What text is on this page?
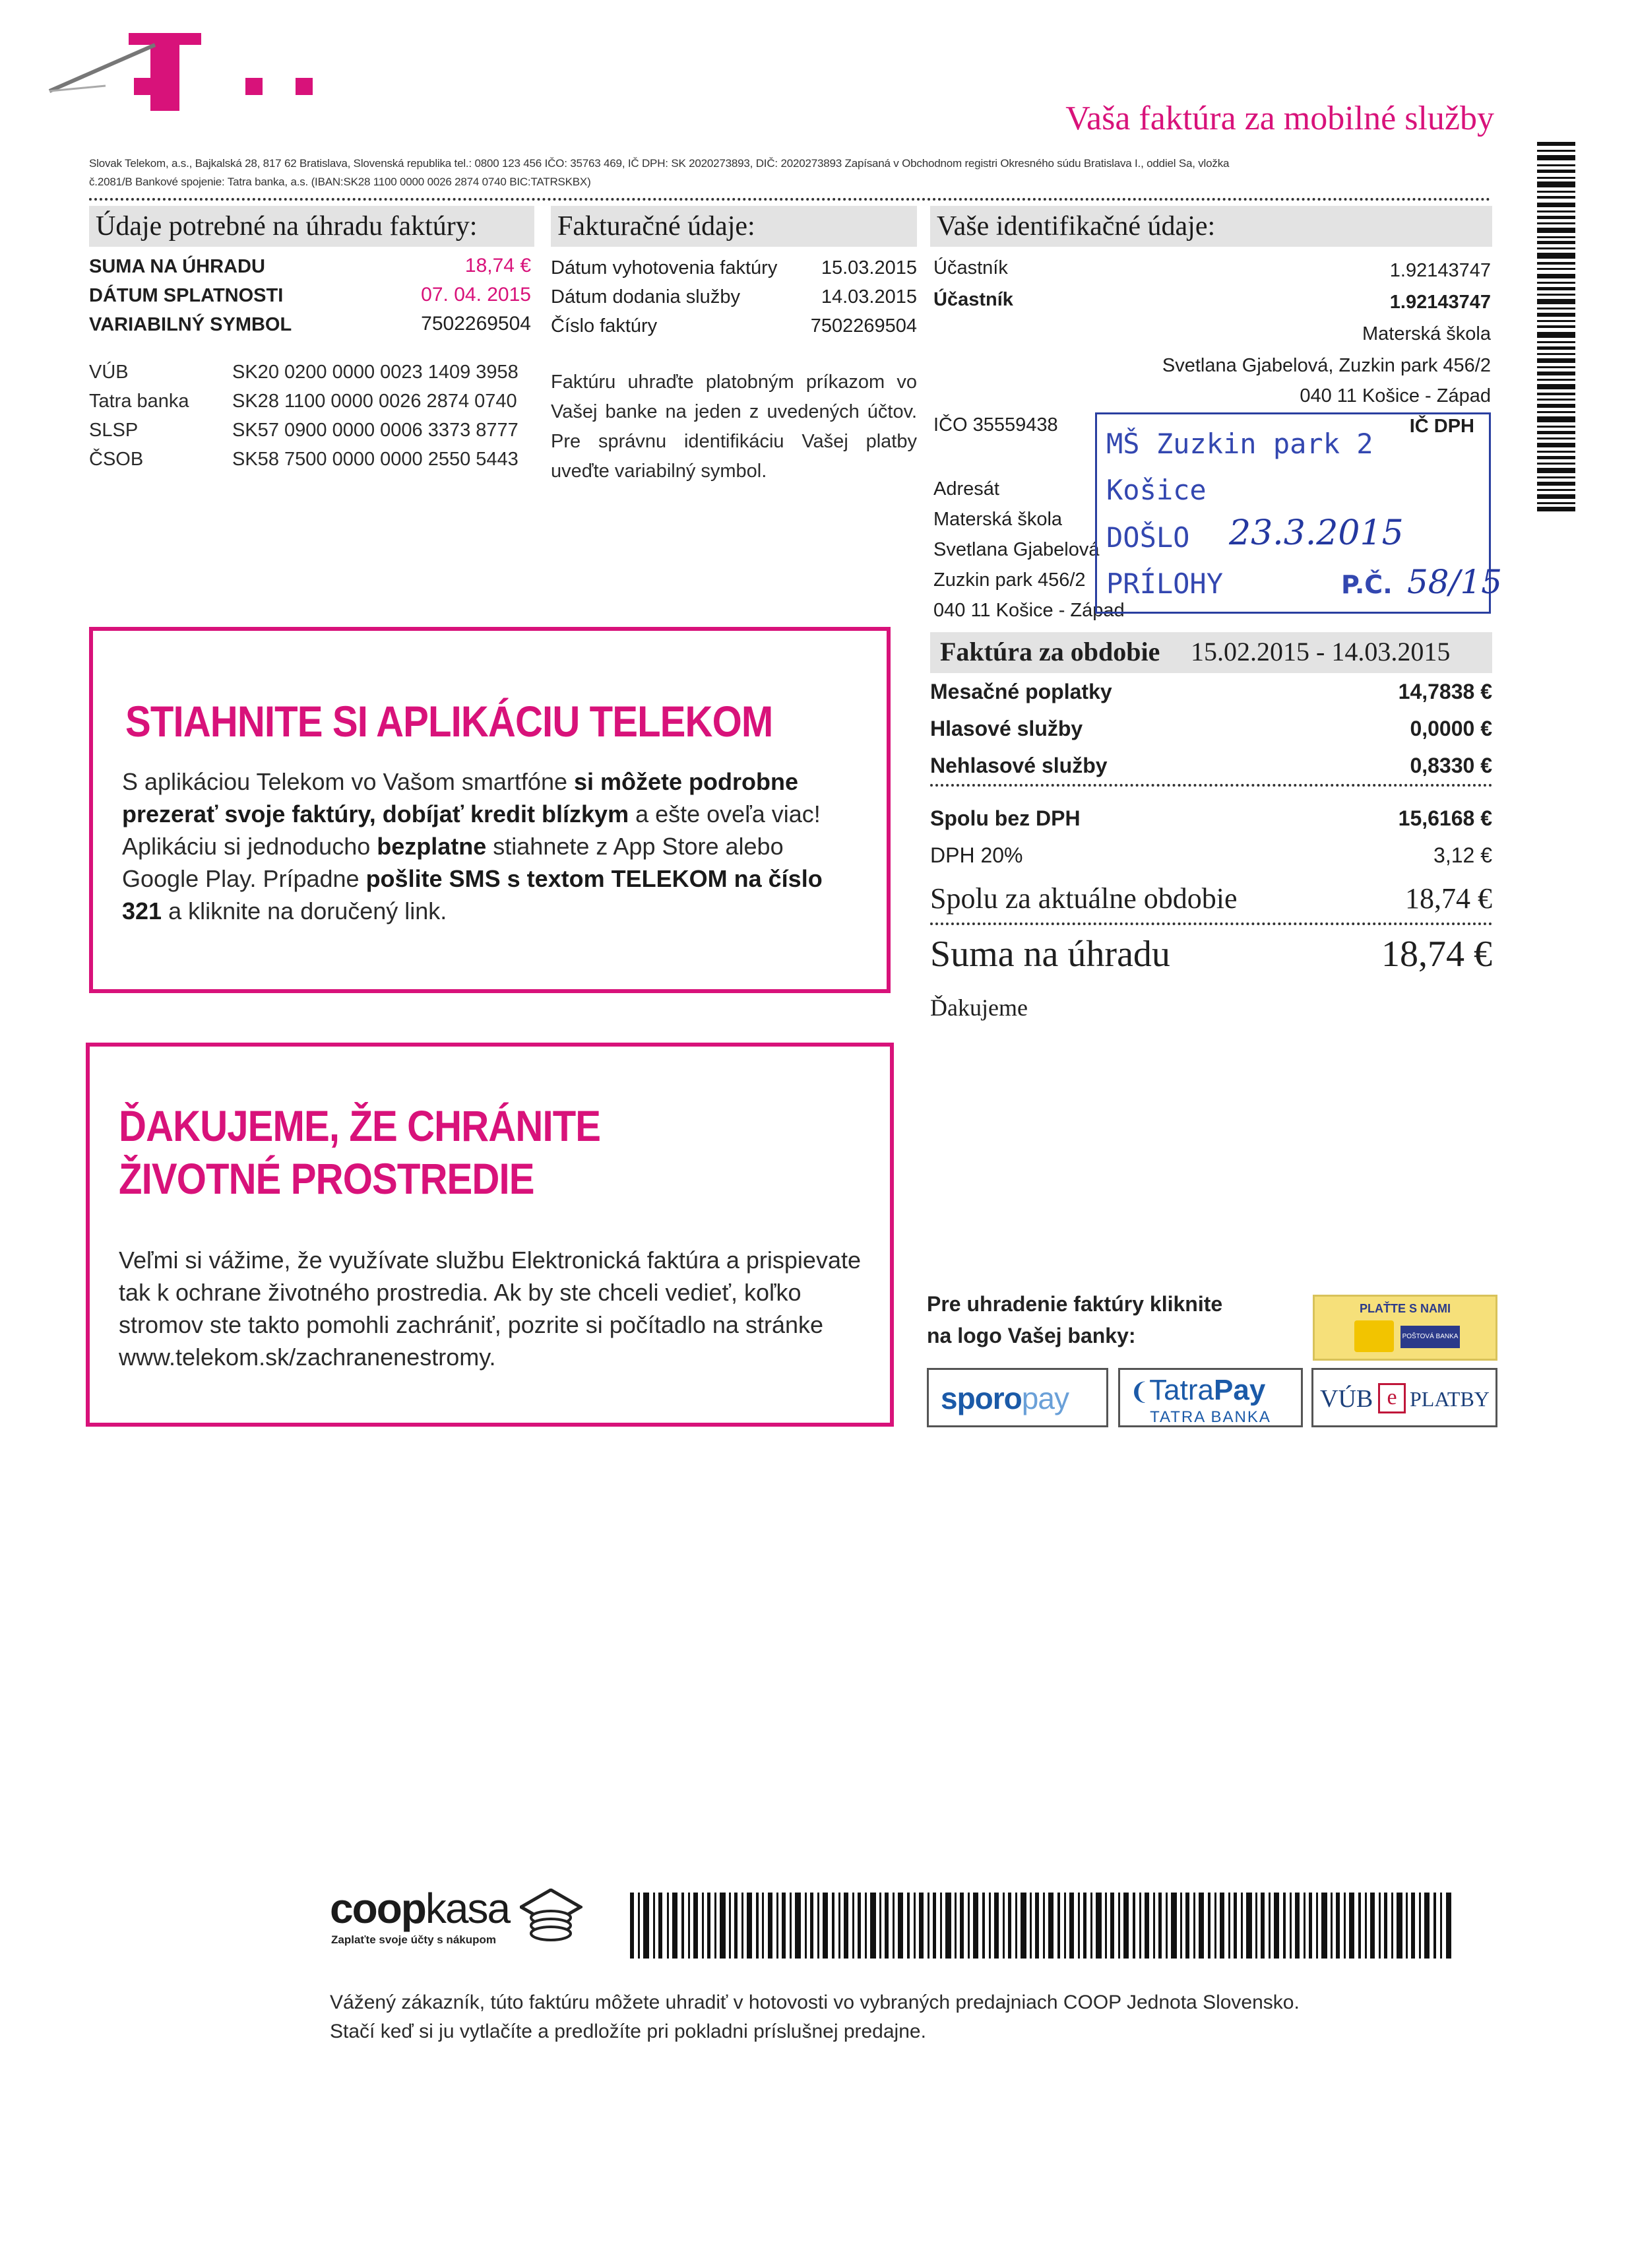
Vaša faktúra za mobilné služby
Slovak Telekom, a.s., Bajkalská 28, 817 62 Bratislava, Slovenská republika tel.: 0800 123 456 IČO: 35763 469, IČ DPH: SK 2020273893, DIČ: 2020273893 Zapísaná v Obchodnom registri Okresného súdu Bratislava I., oddiel Sa, vložka
č.2081/B Bankové spojenie: Tatra banka, a.s. (IBAN:SK28 1100 0000 0026 2874 0740 BIC:TATRSKBX)
Údaje potrebné na úhradu faktúry:	Fakturačné údaje:	Vaše identifikačné údaje:
SUMA NA ÚHRADU	18,74 €
DÁTUM SPLATNOSTI	07. 04. 2015
VARIABILNÝ SYMBOL	7502269504
VÚB	SK20 0200 0000 0023 1409 3958
Tatra banka SK28 1100 0000 0026 2874 0740
SLSP	SK57 0900 0000 0006 3373 8777
ČSOB	SK58 7500 0000 0000 2550 5443
Dátum vyhotovenia faktúry	15.03.2015
Dátum dodania služby	14.03.2015
Číslo faktúry	7502269504
Faktúru uhraďte platobným príkazom vo Vašej banke na jeden z uvedených účtov. Pre správnu identifikáciu Vašej platby uveďte variabilný symbol.
Účastník	1.92143747
Účastník	1.92143747
Materská škola
Svetlana Gjabelová, Zuzkin park 456/2
040 11 Košice - Západ
IČO 35559438	IČ DPH
Adresát
Materská škola
Svetlana Gjabelová
Zuzkin park 456/2
040 11 Košice - Západ
MŠ Zuzkin park 2
Košice
DOŠLO 23.3.2015
PRÍLOHY	P.Č. 58/15
Faktúra za obdobie 15.02.2015 - 14.03.2015
Mesačné poplatky	14,7838 €
Hlasové služby	0,0000 €
Nehlasové služby	0,8330 €
Spolu bez DPH	15,6168 €
DPH 20%	3,12 €
Spolu za aktuálne obdobie	18,74 €
Suma na úhradu	18,74 €
Ďakujeme
STIAHNITE SI APLIKÁCIU TELEKOM
S aplikáciou Telekom vo Vašom smartfóne si môžete podrobne prezerať svoje faktúry, dobíjať kredit blízkym a ešte oveľa viac! Aplikáciu si jednoducho bezplatne stiahnete z App Store alebo Google Play. Prípadne pošlite SMS s textom TELEKOM na číslo 321 a kliknite na doručený link.
ĎAKUJEME, ŽE CHRÁNITE
ŽIVOTNÉ PROSTREDIE
Veľmi si vážime, že využívate službu Elektronická faktúra a prispievate tak k ochrane životného prostredia. Ak by ste chceli vedieť, koľko stromov ste takto pomohli zachrániť, pozrite si počítadlo na stránke www.telekom.sk/zachranenestromy.
Pre uhradenie faktúry kliknite
na logo Vašej banky:
PLAŤTE S NAMI
POŠTOVÁ BANKA
sporopay	❨TatraPay
TATRA BANKA
VÚB e PLATBY
coopkasa
Zaplaťte svoje účty s nákupom
Vážený zákazník, túto faktúru môžete uhradiť v hotovosti vo vybraných predajniach COOP Jednota Slovensko.
Stačí keď si ju vytlačíte a predložíte pri pokladni príslušnej predajne.
